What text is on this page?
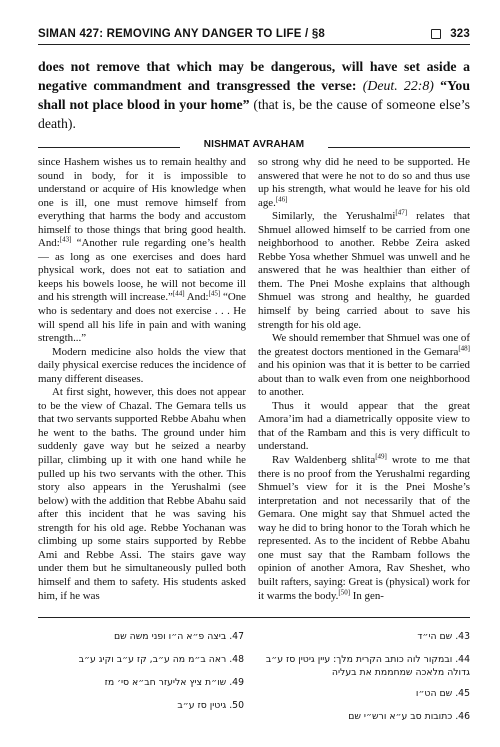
SIMAN 427: REMOVING ANY DANGER TO LIFE / §8	323
does not remove that which may be dangerous, will have set aside a negative commandment and transgressed the verse: (Deut. 22:8) “You shall not place blood in your home” (that is, be the cause of someone else’s death).
NISHMAT AVRAHAM

since Hashem wishes us to remain healthy and sound in body, for it is impossible to understand or acquire of His knowledge when one is ill, one must remove himself from everything that harms the body and accustom himself to those things that bring good health. And:[43] “Another rule regarding one’s health — as long as one exercises and does hard physical work, does not eat to satiation and keeps his bowels loose, he will not become ill and his strength will increase.”[44] And:[45] “One who is sedentary and does not exercise . . . He will spend all his life in pain and with waning strength...”

Modern medicine also holds the view that daily physical exercise reduces the incidence of many different diseases.

At first sight, however, this does not appear to be the view of Chazal. The Gemara tells us that two servants supported Rebbe Abahu when he went to the baths. The ground under him suddenly gave way but he seized a nearby pillar, climbing up it with one hand while he pulled up his two servants with the other. This story also appears in the Yerushalmi (see below) with the addition that Rebbe Abahu said after this incident that he was saving his strength for his old age. Rebbe Yochanan was climbing up some stairs supported by Rebbe Ami and Rebbe Assi. The stairs gave way under them but he simultaneously pulled both himself and them to safety. His students asked him, if he was

so strong why did he need to be supported. He answered that were he not to do so and thus use up his strength, what would he leave for his old age.[46]

Similarly, the Yerushalmi[47] relates that Shmuel allowed himself to be carried from one neighborhood to another. Rebbe Zeira asked Rebbe Yosa whether Shmuel was unwell and he answered that he was healthier than either of them. The Pnei Moshe explains that although Shmuel was strong and healthy, he guarded himself by being carried about to save his strength for his old age.

We should remember that Shmuel was one of the greatest doctors mentioned in the Gemara[48] and his opinion was that it is better to be carried about than to walk even from one neighborhood to another.

Thus it would appear that the great Amora’im had a diametrically opposite view to that of the Rambam and this is very difficult to understand.

Rav Waldenberg shlita[49] wrote to me that there is no proof from the Yerushalmi regarding Shmuel’s view for it is the Pnei Moshe’s interpretation and not necessarily that of the Gemara. One might say that Shmuel acted the way he did to bring honor to the Torah which he represented. As to the incident of Rebbe Abahu one must say that the Rambam follows the opinion of another Amora, Rav Sheshet, who built rafters, saying: Great is (physical) work for it warms the body.[50] In gen-

47. ביצה פ״א ה״ו ופני משה שם
48. ראה ב״מ מה ע״ב, קז ע״ב וקיג ע״ב
49. שו״ת ציץ אליעזר חב״א סי׳ מז
50. גיטין סז ע״ב
43. שם הי״ד
44. ובמקור לוה כותב הקרית מלך: עיין גיטין סז ע״ב גדולה מלאכה שמחממת את בעליה
45. שם הט״ו
46. כתובות סב ע״א ורש״י שם
